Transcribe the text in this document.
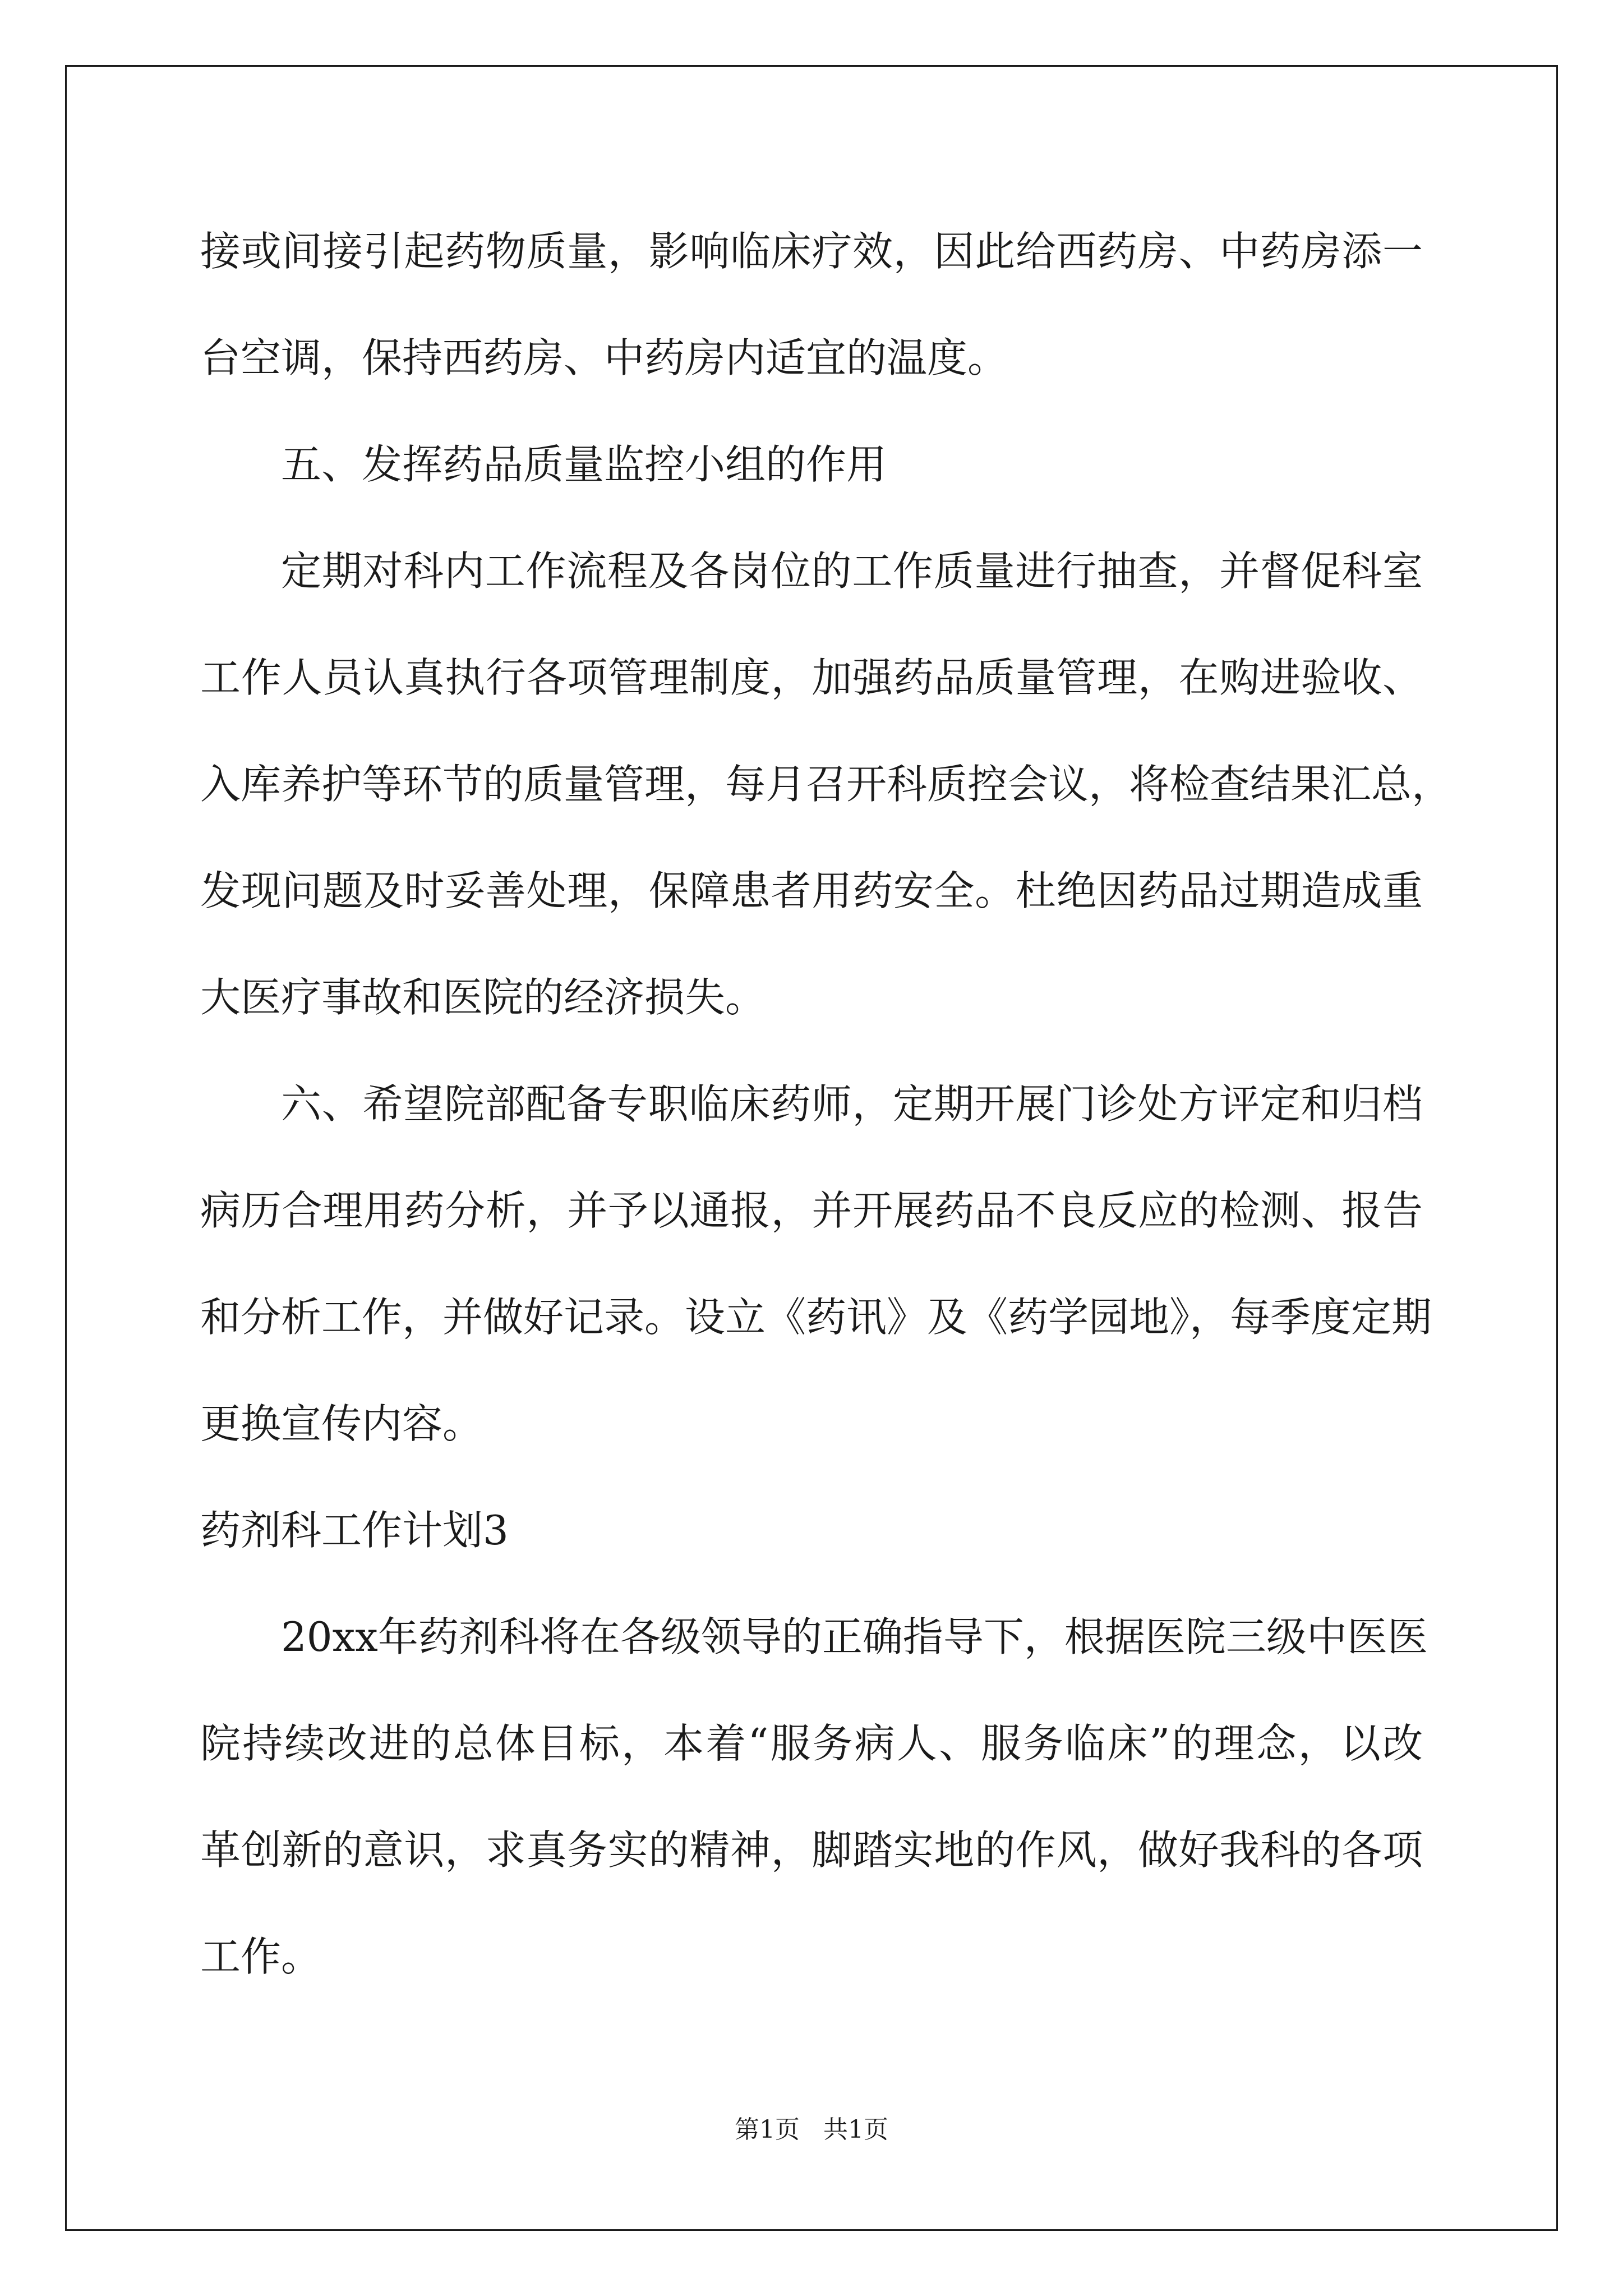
接或间接引起药物质量，影响临床疗效，因此给西药房、中药房添一
台空调，保持西药房、中药房内适宜的温度。
五、发挥药品质量监控小组的作用
定期对科内工作流程及各岗位的工作质量进行抽查，并督促科室
工作人员认真执行各项管理制度，加强药品质量管理，在购进验收、
入库养护等环节的质量管理，每月召开科质控会议，将检查结果汇总，
发现问题及时妥善处理，保障患者用药安全。杜绝因药品过期造成重
大医疗事故和医院的经济损失。
六、希望院部配备专职临床药师，定期开展门诊处方评定和归档
病历合理用药分析，并予以通报，并开展药品不良反应的检测、报告
和分析工作，并做好记录。设立《药讯》及《药学园地》，每季度定期
更换宣传内容。
药剂科工作计划3
20xx年药剂科将在各级领导的正确指导下，根据医院三级中医医
院持续改进的总体目标，本着“服务病人、服务临床”的理念，以改
革创新的意识，求真务实的精神，脚踏实地的作风，做好我科的各项
工作。
第1页   共1页
